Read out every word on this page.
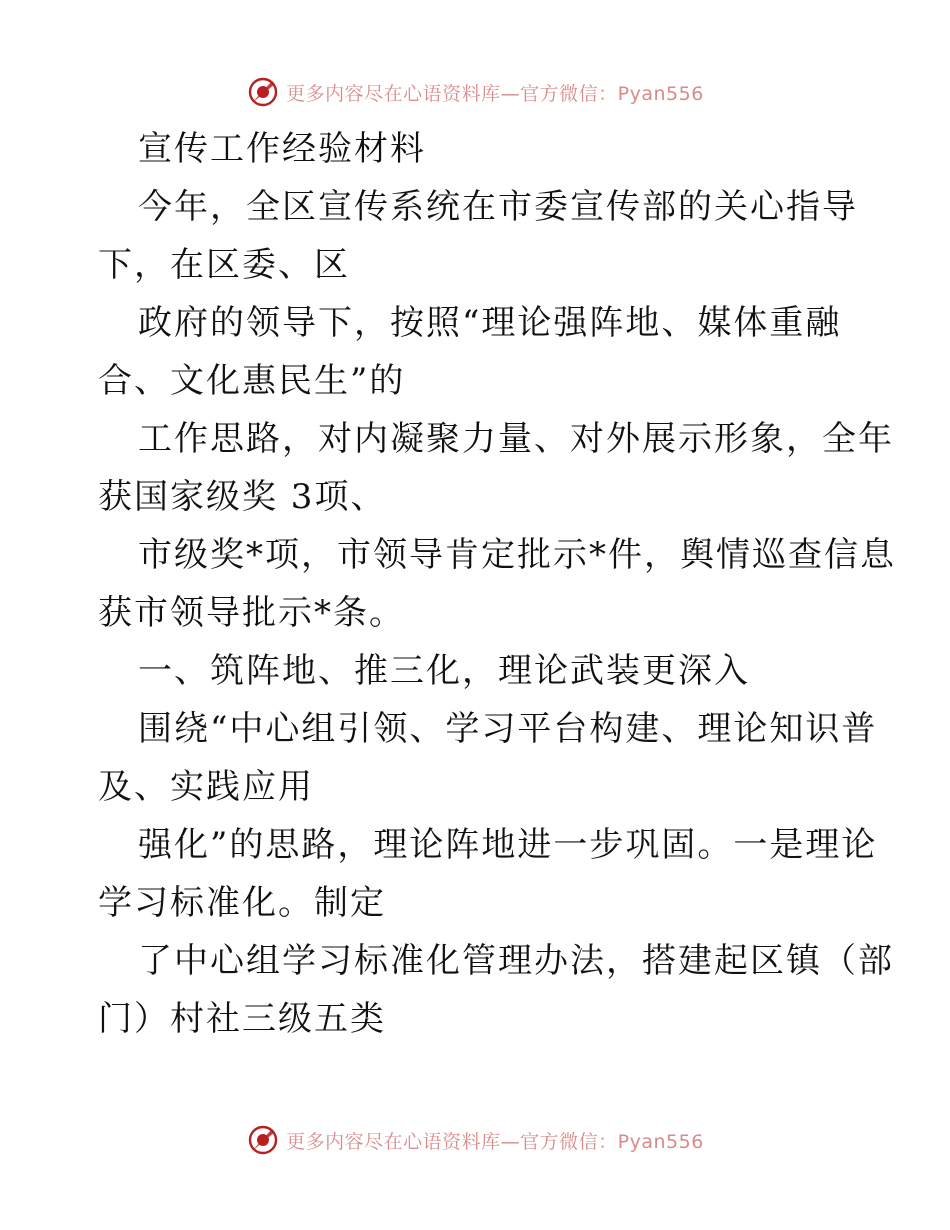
更多内容尽在心语资料库—官方微信：Pyan556
宣传工作经验材料
今年，全区宣传系统在市委宣传部的关心指导
下，在区委、区
政府的领导下，按照“理论强阵地、媒体重融
合、文化惠民生”的
工作思路，对内凝聚力量、对外展示形象，全年
获国家级奖 3项、
市级奖*项，市领导肯定批示*件，舆情巡查信息
获市领导批示*条。
一、筑阵地、推三化，理论武装更深入
围绕“中心组引领、学习平台构建、理论知识普
及、实践应用
强化”的思路，理论阵地进一步巩固。一是理论
学习标准化。制定
了中心组学习标准化管理办法，搭建起区镇（部
门）村社三级五类
更多内容尽在心语资料库—官方微信：Pyan556
